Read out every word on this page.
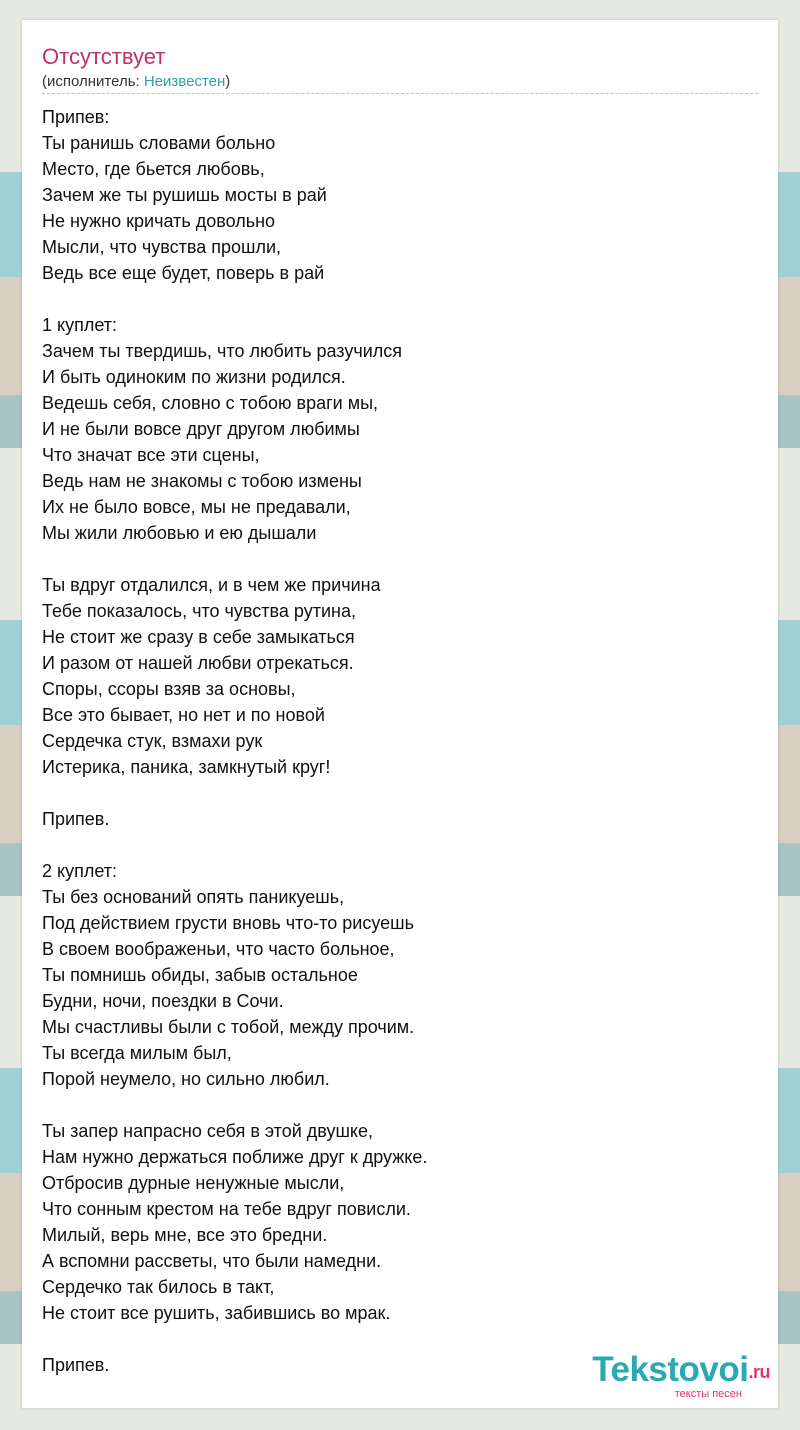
Отсутствует
(исполнитель: Неизвестен)
Припев:
Ты ранишь словами больно
Место, где бьется любовь,
Зачем же ты рушишь мосты в рай
Не нужно кричать довольно
Мысли, что чувства прошли,
Ведь все еще будет, поверь в рай
1 куплет:
Зачем ты твердишь, что любить разучился
И быть одиноким по жизни родился.
Ведешь себя, словно с тобою враги мы,
И не были вовсе друг другом любимы
Что значат все эти сцены,
Ведь нам не знакомы с тобою измены
Их не было вовсе, мы не предавали,
Мы жили любовью и ею дышали
Ты вдруг отдалился, и в чем же причина
Тебе показалось, что чувства рутина,
Не стоит же сразу в себе замыкаться
И разом от нашей любви отрекаться.
Споры, ссоры взяв за основы,
Все это бывает, но нет и по новой
Сердечка стук, взмахи рук
Истерика, паника, замкнутый круг!
Припев.
2 куплет:
Ты без оснований опять паникуешь,
Под действием грусти вновь что-то рисуешь
В своем воображеньи, что часто больное,
Ты помнишь обиды, забыв остальное
Будни, ночи, поездки в Сочи.
Мы счастливы были с тобой, между прочим.
Ты всегда милым был,
Порой неумело, но сильно любил.
Ты запер напрасно себя в этой двушке,
Нам нужно держаться поближе друг к дружке.
Отбросив дурные ненужные мысли,
Что сонным крестом на тебе вдруг повисли.
Милый, верь мне, все это бредни.
А вспомни рассветы, что были намедни.
Сердечко так билось в такт,
Не стоит все рушить, забившись во мрак.
Припев.	Tekstovoi.ru
тексты песен
